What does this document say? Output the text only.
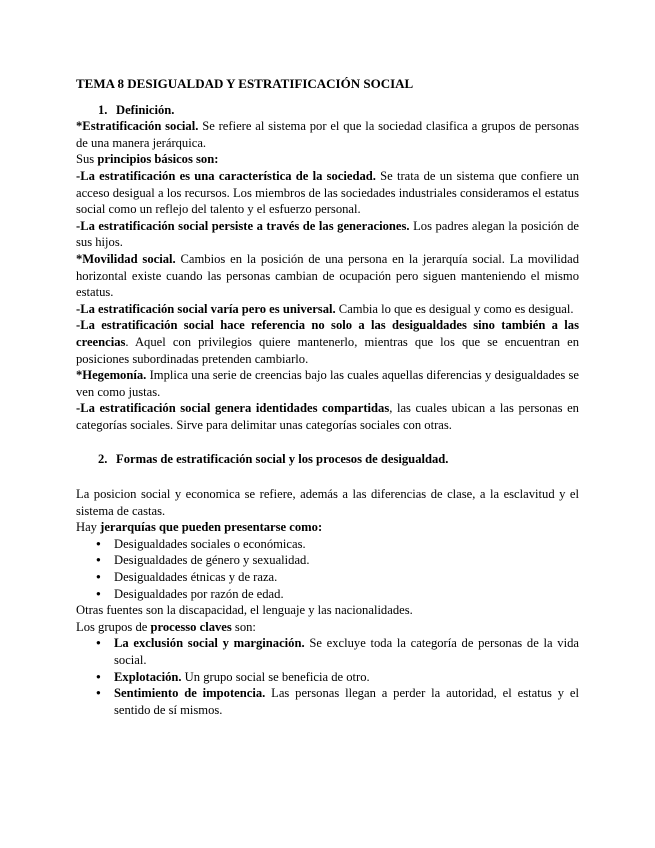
TEMA 8 DESIGUALDAD Y ESTRATIFICACIÓN SOCIAL
1. Definición.

*Estratificación social. Se refiere al sistema por el que la sociedad clasifica a grupos de personas de una manera jerárquica.

Sus principios básicos son:

-La estratificación es una característica de la sociedad. Se trata de un sistema que confiere un acceso desigual a los recursos. Los miembros de las sociedades industriales consideramos el estatus social como un reflejo del talento y el esfuerzo personal.

-La estratificación social persiste a través de las generaciones. Los padres alegan la posición de sus hijos.

*Movilidad social. Cambios en la posición de una persona en la jerarquía social. La movilidad horizontal existe cuando las personas cambian de ocupación pero siguen manteniendo el mismo estatus.

-La estratificación social varía pero es universal. Cambia lo que es desigual y como es desigual.

-La estratificación social hace referencia no solo a las desigualdades sino también a las creencias. Aquel con privilegios quiere mantenerlo, mientras que los que se encuentran en posiciones subordinadas pretenden cambiarlo.

*Hegemonía. Implica una serie de creencias bajo las cuales aquellas diferencias y desigualdades se ven como justas.

-La estratificación social genera identidades compartidas, las cuales ubican a las personas en categorías sociales. Sirve para delimitar unas categorías sociales con otras.

2. Formas de estratificación social y los procesos de desigualdad.

La posicion social y economica se refiere, además a las diferencias de clase, a la esclavitud y el sistema de castas.

Hay jerarquías que pueden presentarse como:

● Desigualdades sociales o económicas.
● Desigualdades de género y sexualidad.
● Desigualdades étnicas y de raza.
● Desigualdades por razón de edad.

Otras fuentes son la discapacidad, el lenguaje y las nacionalidades.

Los grupos de processo claves son:

● La exclusión social y marginación. Se excluye toda la categoría de personas de la vida social.
● Explotación. Un grupo social se beneficia de otro.
● Sentimiento de impotencia. Las personas llegan a perder la autoridad, el estatus y el sentido de sí mismos.
